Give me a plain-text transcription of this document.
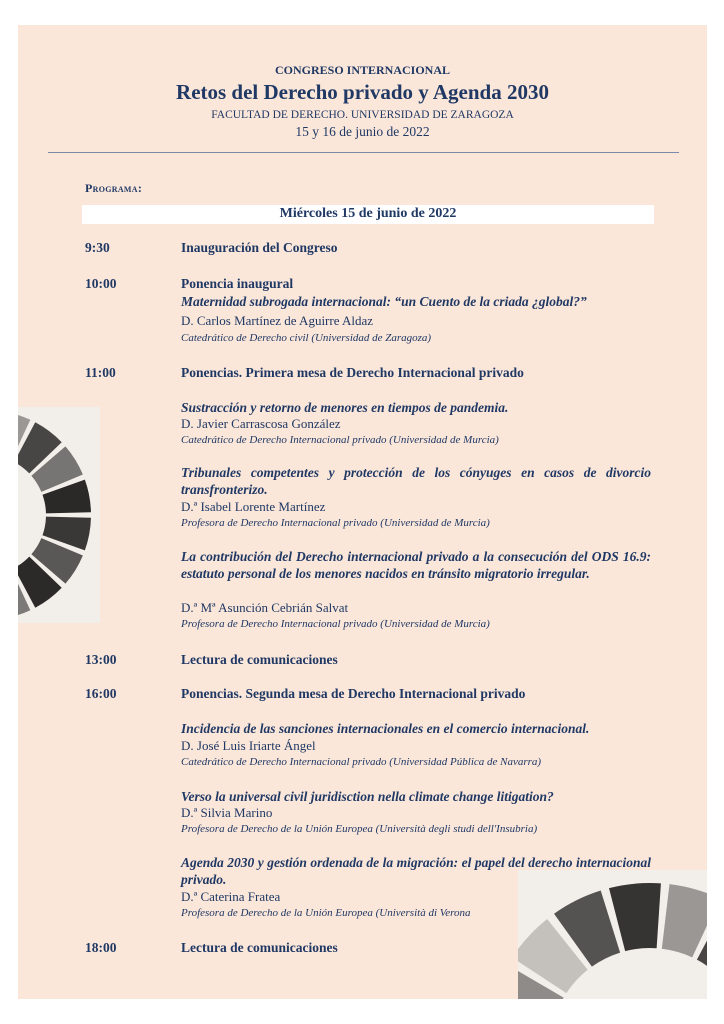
CONGRESO INTERNACIONAL
Retos del Derecho privado y Agenda 2030
FACULTAD DE DERECHO. UNIVERSIDAD DE ZARAGOZA
15 y 16 de junio de 2022
Programa:
Miércoles 15 de junio de 2022
9:30	Inauguración del Congreso
10:00	Ponencia inaugural
Maternidad subrogada internacional: “un Cuento de la criada ¿global?”
D. Carlos Martínez de Aguirre Aldaz
Catedrático de Derecho civil (Universidad de Zaragoza)
11:00	Ponencias. Primera mesa de Derecho Internacional privado
Sustracción y retorno de menores en tiempos de pandemia.
D. Javier Carrascosa González
Catedrático de Derecho Internacional privado (Universidad de Murcia)
Tribunales competentes y protección de los cónyuges en casos de divorcio transfronterizo.
D.ª Isabel Lorente Martínez
Profesora de Derecho Internacional privado (Universidad de Murcia)
La contribución del Derecho internacional privado a la consecución del ODS 16.9: estatuto personal de los menores nacidos en tránsito migratorio irregular.
D.ª Mª Asunción Cebrián Salvat
Profesora de Derecho Internacional privado (Universidad de Murcia)
13:00	Lectura de comunicaciones
16:00	Ponencias. Segunda mesa de Derecho Internacional privado
Incidencia de las sanciones internacionales en el comercio internacional.
D. José Luis Iriarte Ángel
Catedrático de Derecho Internacional privado (Universidad Pública de Navarra)
Verso la universal civil juridisction nella climate change litigation?
D.ª Silvia Marino
Profesora de Derecho de la Unión Europea (Università degli studi dell'Insubria)
Agenda 2030 y gestión ordenada de la migración: el papel del derecho internacional privado.
D.ª Caterina Fratea
Profesora de Derecho de la Unión Europea (Università di Verona
18:00	Lectura de comunicaciones
